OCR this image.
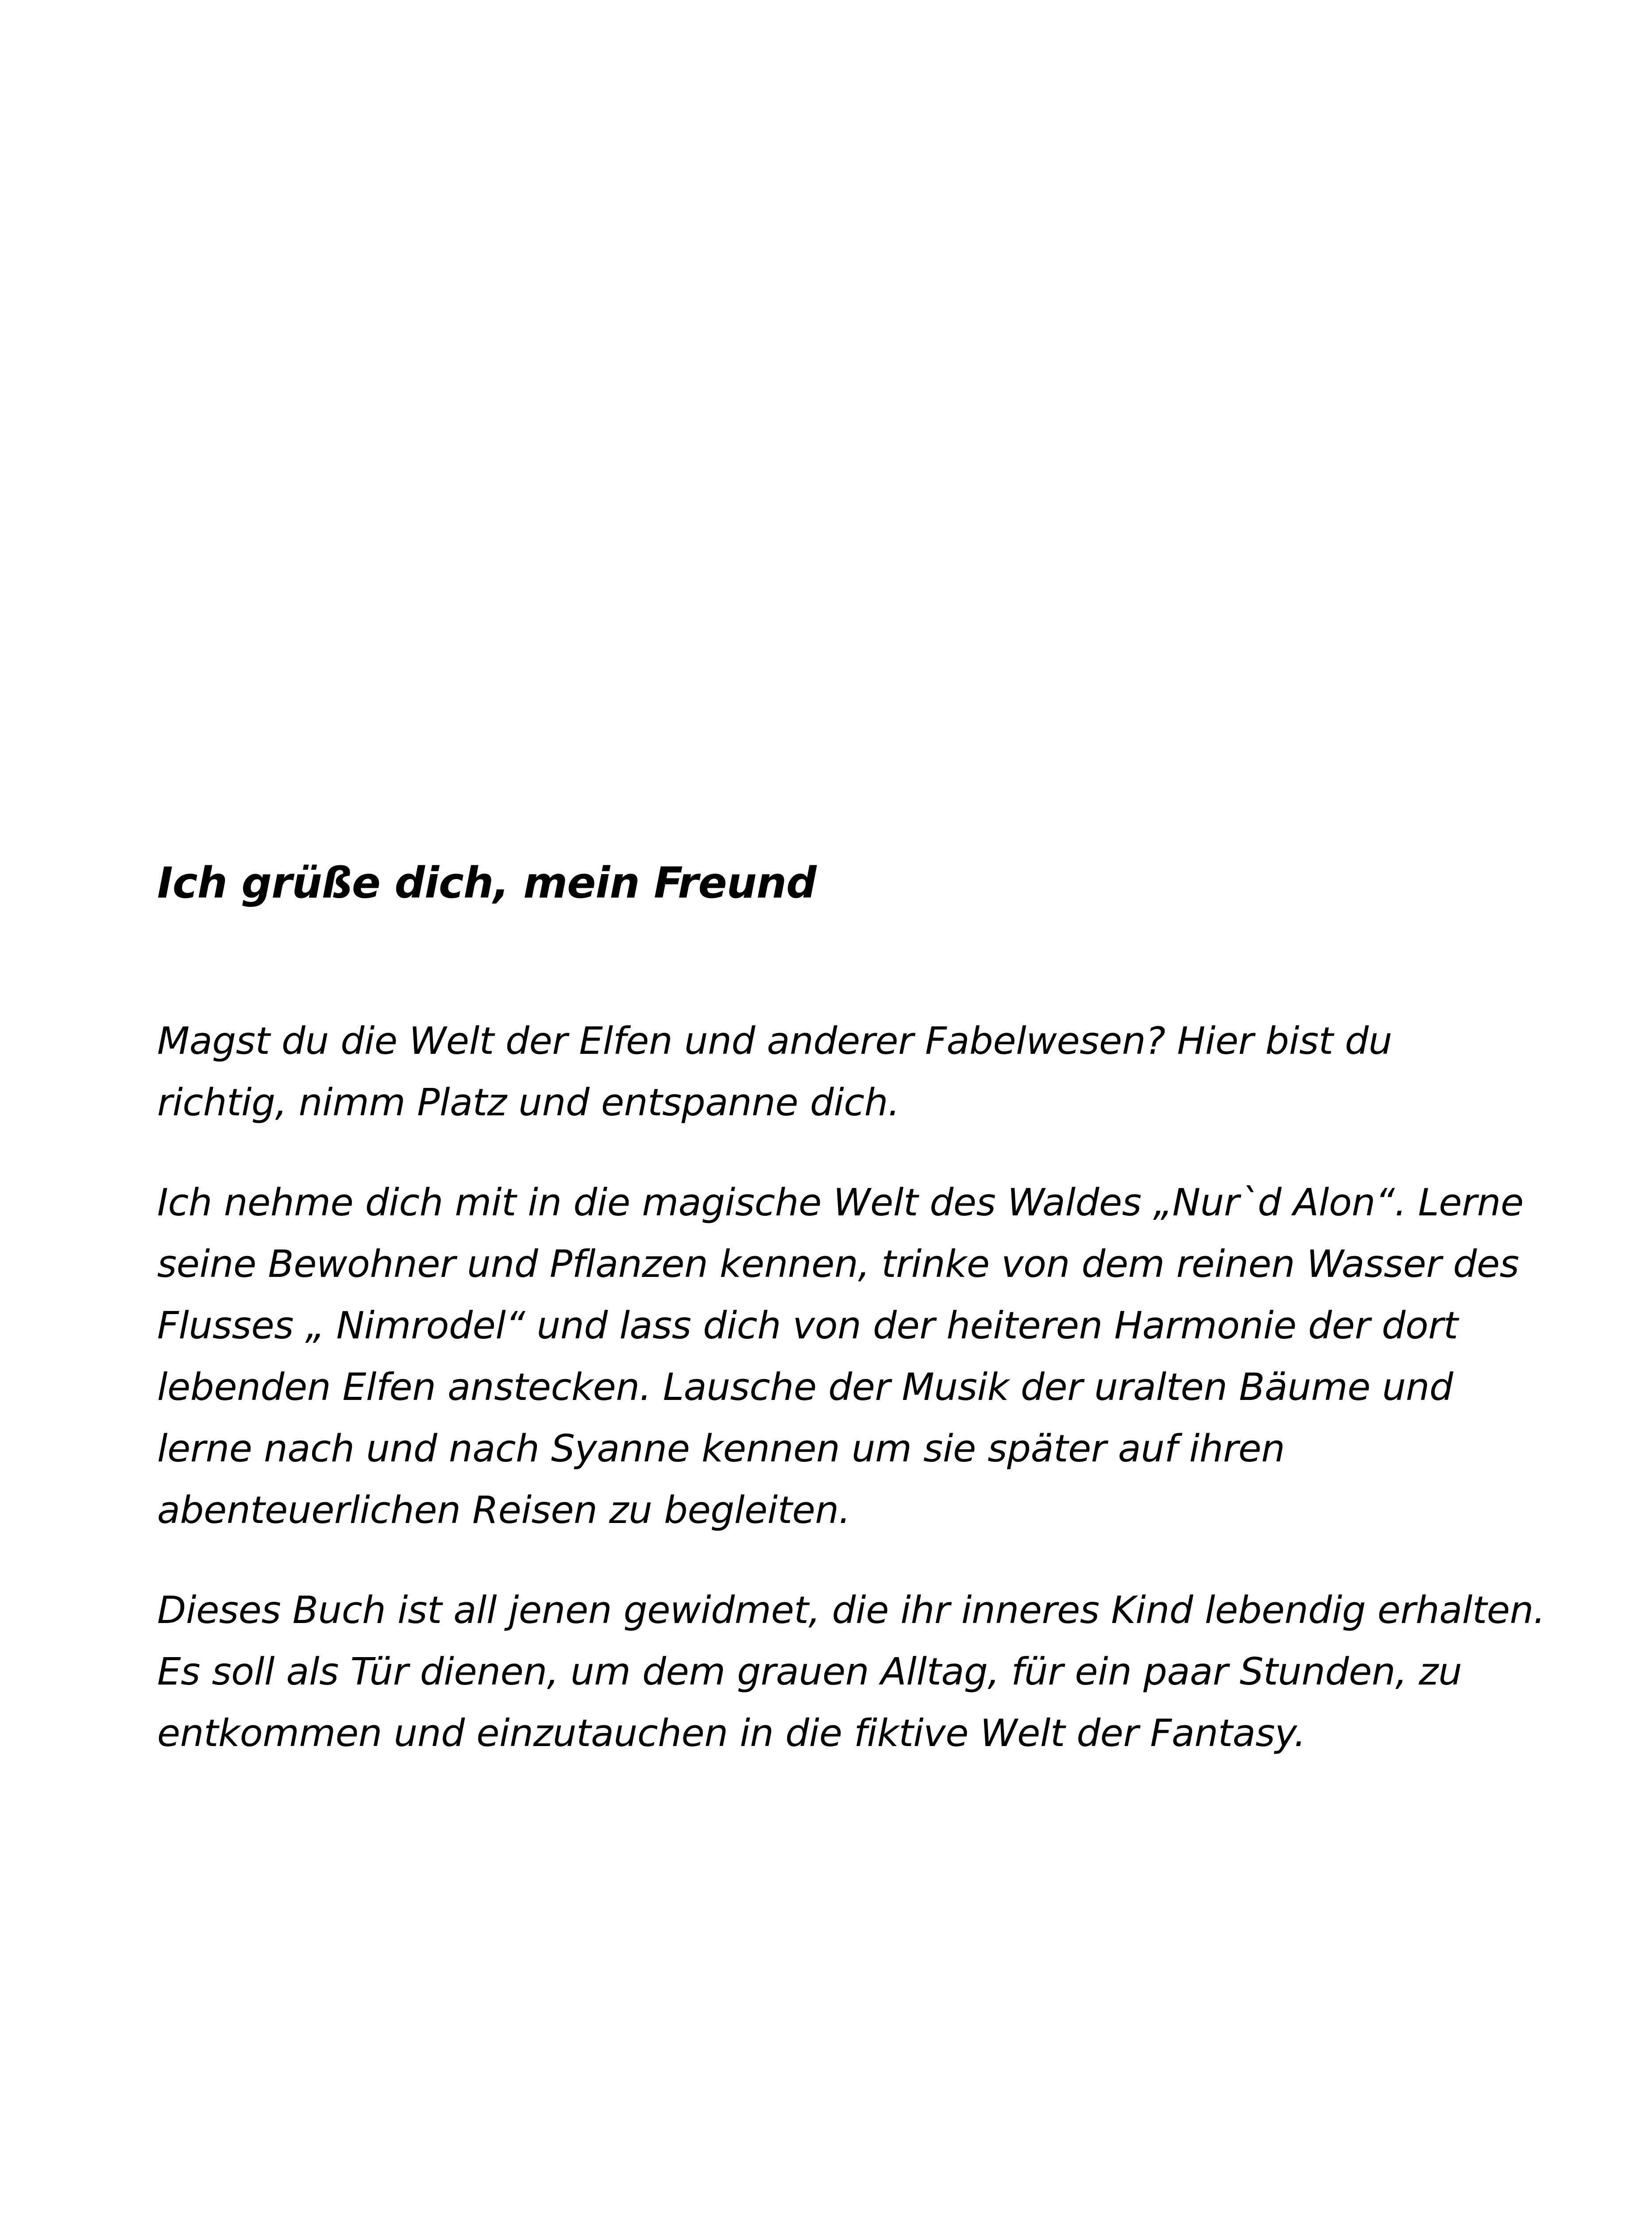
Ich grüße dich, mein Freund

Magst du die Welt der Elfen und anderer Fabelwesen? Hier bist du
richtig, nimm Platz und entspanne dich.

Ich nehme dich mit in die magische Welt des Waldes „Nur`d Alon“. Lerne
seine Bewohner und Pflanzen kennen, trinke von dem reinen Wasser des
Flusses „ Nimrodel“ und lass dich von der heiteren Harmonie der dort
lebenden Elfen anstecken. Lausche der Musik der uralten Bäume und
lerne nach und nach Syanne kennen um sie später auf ihren
abenteuerlichen Reisen zu begleiten.

Dieses Buch ist all jenen gewidmet, die ihr inneres Kind lebendig erhalten.
Es soll als Tür dienen, um dem grauen Alltag, für ein paar Stunden, zu
entkommen und einzutauchen in die fiktive Welt der Fantasy.
